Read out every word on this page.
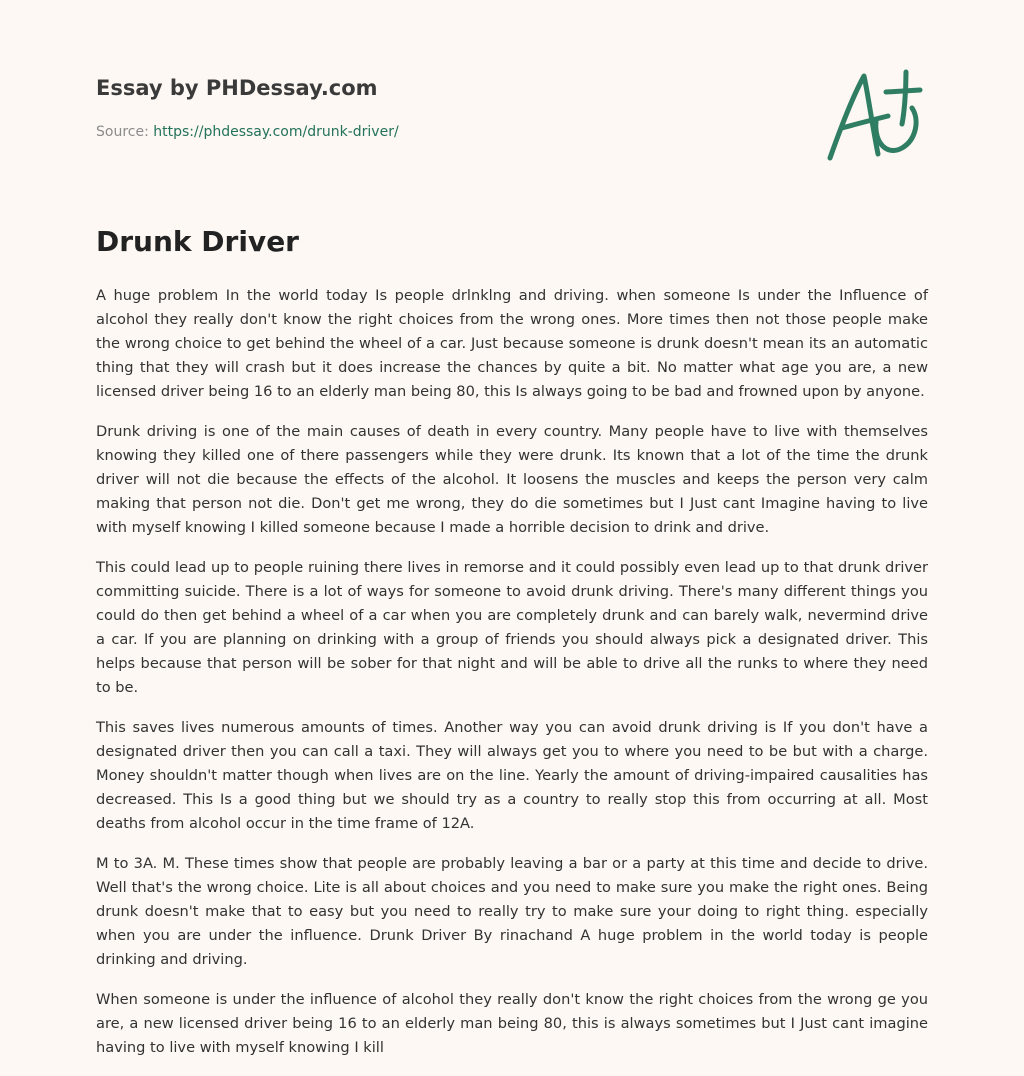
Essay by PHDessay.com

Source: https://phdessay.com/drunk-driver/

Drunk Driver

A huge problem In the world today Is people drlnklng and driving. when someone Is under the Influence of alcohol they really don't know the right choices from the wrong ones. More times then not those people make the wrong choice to get behind the wheel of a car. Just because someone is drunk doesn't mean its an automatic thing that they will crash but it does increase the chances by quite a bit. No matter what age you are, a new licensed driver being 16 to an elderly man being 80, this Is always going to be bad and frowned upon by anyone.

Drunk driving is one of the main causes of death in every country. Many people have to live with themselves knowing they killed one of there passengers while they were drunk. Its known that a lot of the time the drunk driver will not die because the effects of the alcohol. It loosens the muscles and keeps the person very calm making that person not die. Don't get me wrong, they do die sometimes but I Just cant Imagine having to live with myself knowing I killed someone because I made a horrible decision to drink and drive.

This could lead up to people ruining there lives in remorse and it could possibly even lead up to that drunk driver committing suicide. There is a lot of ways for someone to avoid drunk driving. There's many different things you could do then get behind a wheel of a car when you are completely drunk and can barely walk, nevermind drive a car. If you are planning on drinking with a group of friends you should always pick a designated driver. This helps because that person will be sober for that night and will be able to drive all the runks to where they need to be.

This saves lives numerous amounts of times. Another way you can avoid drunk driving is If you don't have a designated driver then you can call a taxi. They will always get you to where you need to be but with a charge. Money shouldn't matter though when lives are on the line. Yearly the amount of driving-impaired causalities has decreased. This Is a good thing but we should try as a country to really stop this from occurring at all. Most deaths from alcohol occur in the time frame of 12A.

M to 3A. M. These times show that people are probably leaving a bar or a party at this time and decide to drive. Well that's the wrong choice. Lite is all about choices and you need to make sure you make the right ones. Being drunk doesn't make that to easy but you need to really try to make sure your doing to right thing. especially when you are under the influence. Drunk Driver By rinachand A huge problem in the world today is people drinking and driving.

When someone is under the influence of alcohol they really don't know the right choices from the wrong ge you are, a new licensed driver being 16 to an elderly man being 80, this is always sometimes but I Just cant imagine having to live with myself knowing I kill
